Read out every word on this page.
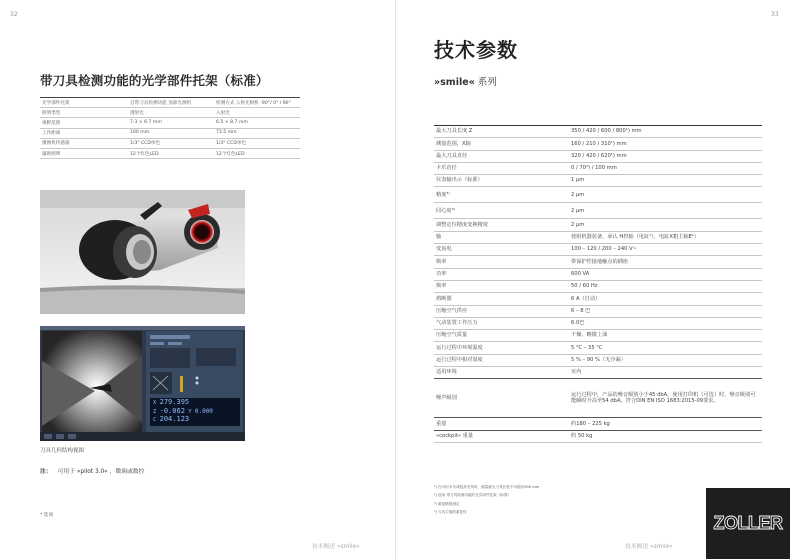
32
带刀具检测功能的光学部件托架（标准）
光学部件托架	自带刀具检测功能 顶部光源机	检测方式 入射光相机 -90°/ 0° / 90°
照明类型	透射光	入射光
视野范围	7.3 × 6.7 mm	6.5 × 8.7 mm
工作距离	100 mm	73.5 mm
摄像机传感器	1/3" CCD单色	1/3" CCD单色
辅助照明	12个红色LED	12个红色LED
X 279.395
Z -0.062 Y 0.000
C 204.123
刀具几何结构视图
注： 可用于 »pilot 3.0« ，微调或数控
* 选项
技术概述 »smile«
33
技术参数
»smile« 系列
最大刀具长度 Z	350 / 420 / 600 / 800¹) mm
测量范围，X轴	160 / 210 / 310¹) mm
最大刀具直径	320 / 420 / 620¹) mm
卡爪直径	0 / 70²) / 100 mm
仪表输出示（标准）	1 µm
精度³⁾	2 µm
同心度⁴⁾	2 µm
调整定位精度变换精度	2 µm
轴	按组机器装备，承认 H控轴（电缸¹），电缸X粗主轴E¹）
变流电	100 – 120 / 200 – 240 V~
频率	带保护性接地触点的插座
功率	600 VA
频率	50 / 60 Hz
熔断器	6 A（自动）
压缩空气供应	6 – 8 巴
气动装置工作压力	6.0巴
压缩空气质量	干燥、略微上油
运行过程中环境温度	5 °C – 35 °C
运行过程中相对湿度	5 % – 90 %（无冷凝）
适用环境	室内
噪声级别	运行过程中，产品的噪音级别小于45 dbA。使用打印机（可选）时，噪音级别可能瞬时升高至54 dbA。符合DIN EN ISO 1683:2015-09要求。
重量	约180 – 225 kg
»cockpit« 重量	约 50 kg
¹) 在可用卡爪或较高夹具时，测量最大刀具长度不可超出900 mm
²) 选用 带刀具检测功能的光学部件托架（标准）
³) 重复精度测定
⁴) 刀具主轴的重复性
技术概述 »smile«
ZOLLER
